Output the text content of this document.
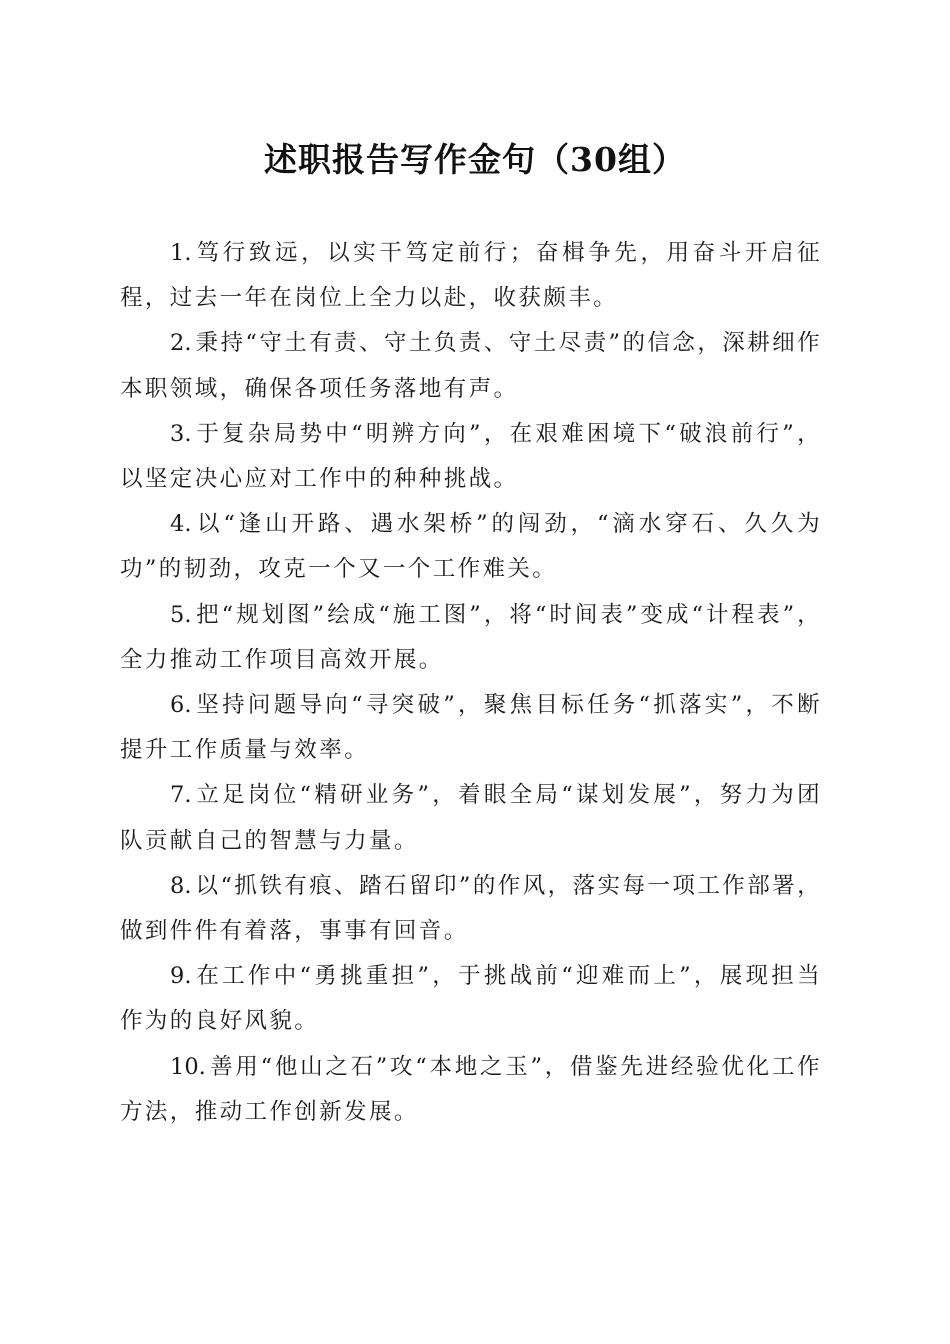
述职报告写作金句（30组）

1. 笃行致远，以实干笃定前行；奋楫争先，用奋斗开启征程，过去一年在岗位上全力以赴，收获颇丰。

2. 秉持“守土有责、守土负责、守土尽责”的信念，深耕细作本职领域，确保各项任务落地有声。

3. 于复杂局势中“明辨方向”，在艰难困境下“破浪前行”，以坚定决心应对工作中的种种挑战。

4. 以“逢山开路、遇水架桥”的闯劲，“滴水穿石、久久为功”的韧劲，攻克一个又一个工作难关。

5. 把“规划图”绘成“施工图”，将“时间表”变成“计程表”，全力推动工作项目高效开展。

6. 坚持问题导向“寻突破”，聚焦目标任务“抓落实”，不断提升工作质量与效率。

7. 立足岗位“精研业务”，着眼全局“谋划发展”，努力为团队贡献自己的智慧与力量。

8. 以“抓铁有痕、踏石留印”的作风，落实每一项工作部署，做到件件有着落，事事有回音。

9. 在工作中“勇挑重担”，于挑战前“迎难而上”，展现担当作为的良好风貌。

10. 善用“他山之石”攻“本地之玉”，借鉴先进经验优化工作方法，推动工作创新发展。
